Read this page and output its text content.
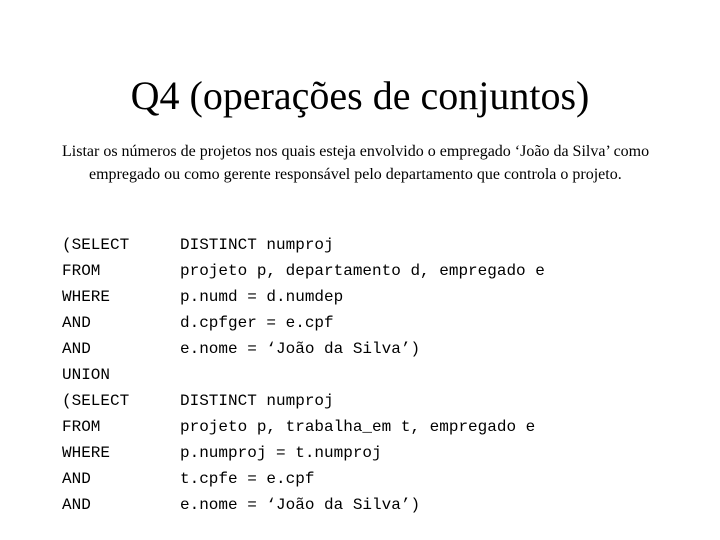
Q4 (operações de conjuntos)

Listar os números de projetos nos quais esteja envolvido o empregado ‘João da Silva’ como empregado ou como gerente responsável pelo departamento que controla o projeto.

(SELECT	DISTINCT numproj
FROM	projeto p, departamento d, empregado e
WHERE	p.numd = d.numdep
AND	d.cpfger = e.cpf
AND	e.nome = ‘João da Silva’)
UNION
(SELECT	DISTINCT numproj
FROM	projeto p, trabalha_em t, empregado e
WHERE	p.numproj = t.numproj
AND	t.cpfe = e.cpf
AND	e.nome = ‘João da Silva’)
